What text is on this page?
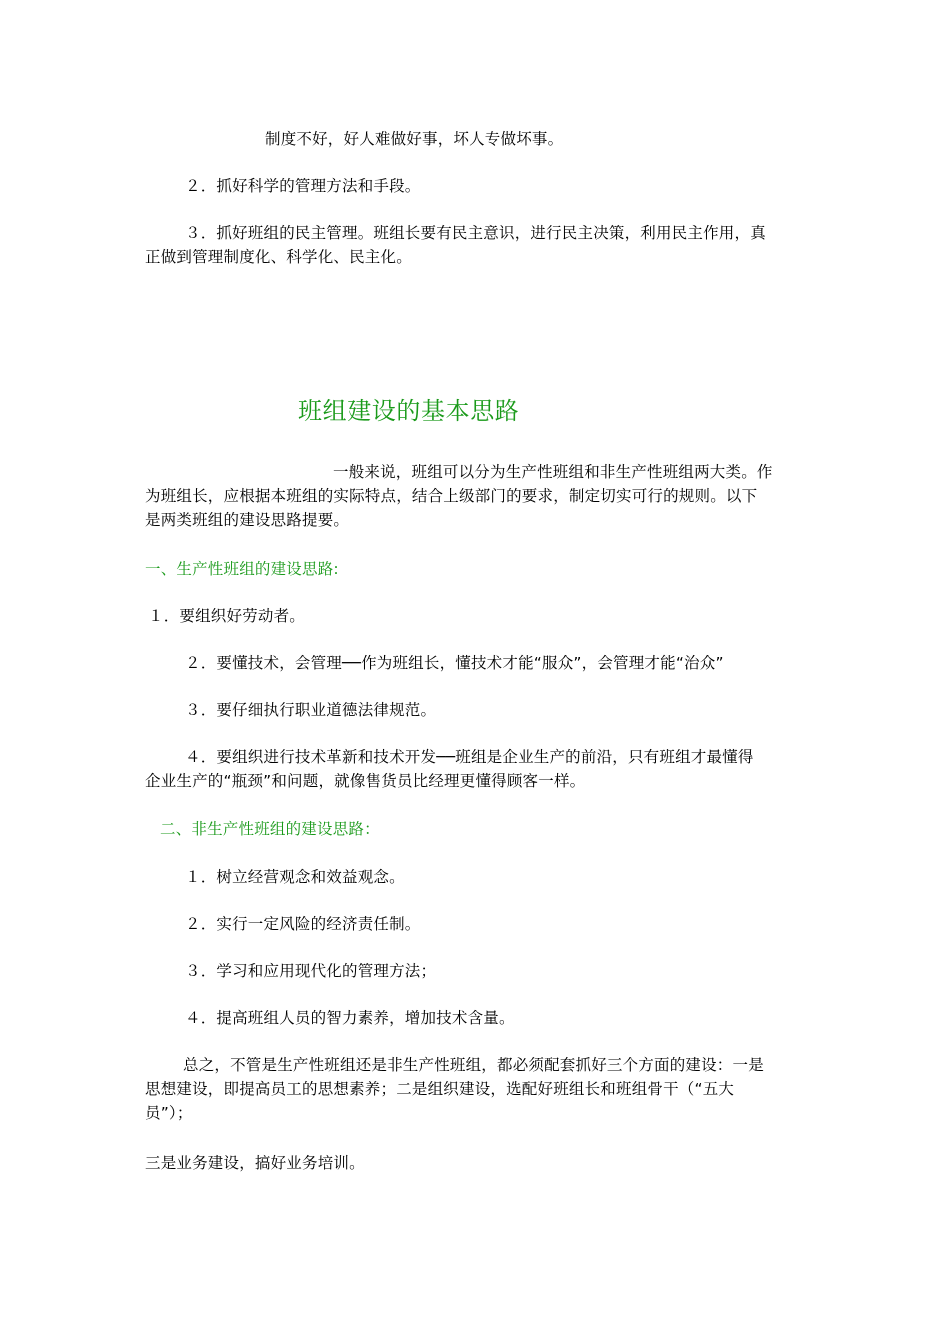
制度不好，好人难做好事，坏人专做坏事。
２．抓好科学的管理方法和手段。
３．抓好班组的民主管理。班组长要有民主意识，进行民主决策，利用民主作用，真
正做到管理制度化、科学化、民主化。
班组建设的基本思路
一般来说，班组可以分为生产性班组和非生产性班组两大类。作
为班组长，应根据本班组的实际特点，结合上级部门的要求，制定切实可行的规则。以下
是两类班组的建设思路提要。
一、生产性班组的建设思路:
１．要组织好劳动者。
２．要懂技术，会管理──作为班组长，懂技术才能“服众”，会管理才能“治众”
３．要仔细执行职业道德法律规范。
４．要组织进行技术革新和技术开发──班组是企业生产的前沿，只有班组才最懂得
企业生产的“瓶颈”和问题，就像售货员比经理更懂得顾客一样。
二、非生产性班组的建设思路：
１．树立经营观念和效益观念。
２．实行一定风险的经济责任制。
３．学习和应用现代化的管理方法；
４．提高班组人员的智力素养，增加技术含量。
总之，不管是生产性班组还是非生产性班组，都必须配套抓好三个方面的建设：一是
思想建设，即提高员工的思想素养；二是组织建设，选配好班组长和班组骨干（“五大
员”）；
三是业务建设，搞好业务培训。
